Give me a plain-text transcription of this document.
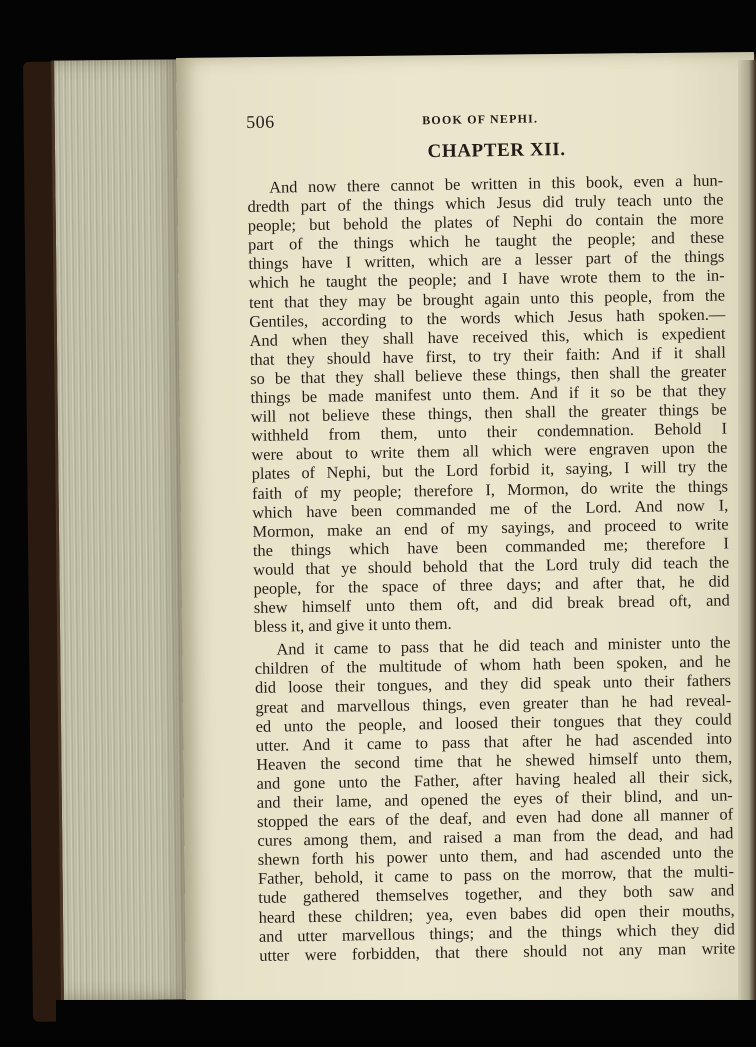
506	BOOK OF NEPHI.
CHAPTER XII.

And now there cannot be written in this book, even a hun-
dredth part of the things which Jesus did truly teach unto the
people; but behold the plates of Nephi do contain the more
part of the things which he taught the people; and these
things have I written, which are a lesser part of the things
which he taught the people; and I have wrote them to the in-
tent that they may be brought again unto this people, from the
Gentiles, according to the words which Jesus hath spoken.—
And when they shall have received this, which is expedient
that they should have first, to try their faith: And if it shall
so be that they shall believe these things, then shall the greater
things be made manifest unto them. And if it so be that they
will not believe these things, then shall the greater things be
withheld from them, unto their condemnation. Behold I
were about to write them all which were engraven upon the
plates of Nephi, but the Lord forbid it, saying, I will try the
faith of my people; therefore I, Mormon, do write the things
which have been commanded me of the Lord. And now I,
Mormon, make an end of my sayings, and proceed to write
the things which have been commanded me; therefore I
would that ye should behold that the Lord truly did teach the
people, for the space of three days; and after that, he did
shew himself unto them oft, and did break bread oft, and
bless it, and give it unto them.

And it came to pass that he did teach and minister unto the
children of the multitude of whom hath been spoken, and he
did loose their tongues, and they did speak unto their fathers
great and marvellous things, even greater than he had reveal-
ed unto the people, and loosed their tongues that they could
utter. And it came to pass that after he had ascended into
Heaven the second time that he shewed himself unto them,
and gone unto the Father, after having healed all their sick,
and their lame, and opened the eyes of their blind, and un-
stopped the ears of the deaf, and even had done all manner of
cures among them, and raised a man from the dead, and had
shewn forth his power unto them, and had ascended unto the
Father, behold, it came to pass on the morrow, that the multi-
tude gathered themselves together, and they both saw and
heard these children; yea, even babes did open their mouths,
and utter marvellous things; and the things which they did
utter were forbidden, that there should not any man write
